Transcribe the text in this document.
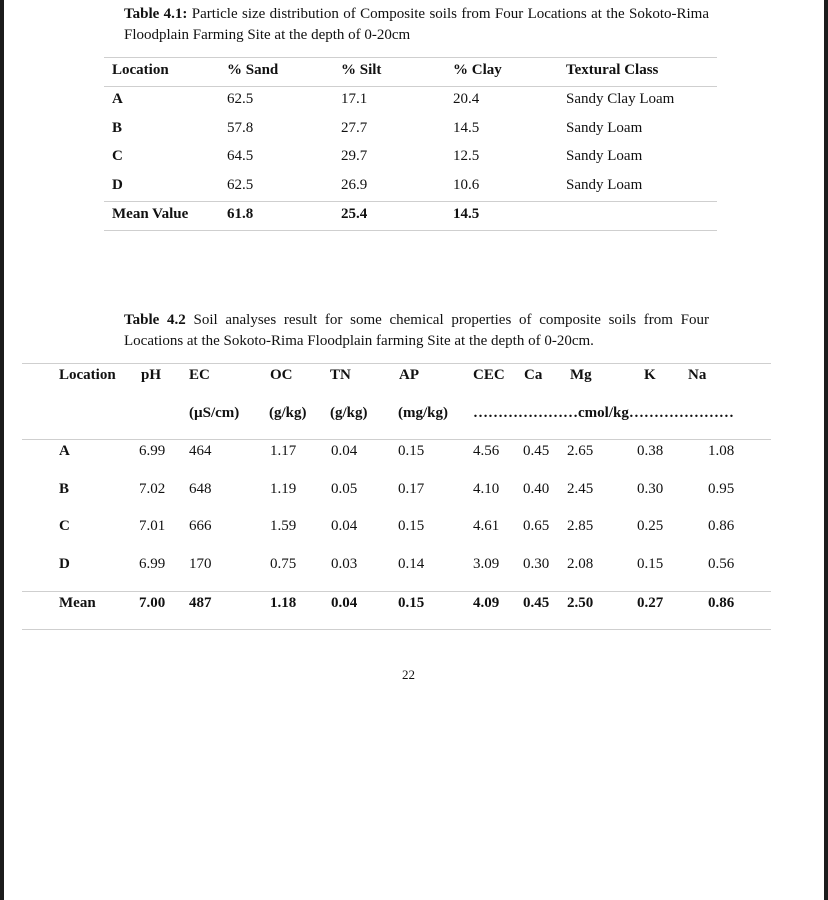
Table 4.1: Particle size distribution of Composite soils from Four Locations at the Sokoto-Rima Floodplain Farming Site at the depth of 0-20cm
Location	% Sand	% Silt	% Clay	Textural Class
A	62.5	17.1	20.4	Sandy Clay Loam
B	57.8	27.7	14.5	Sandy Loam
C	64.5	29.7	12.5	Sandy Loam
D	62.5	26.9	10.6	Sandy Loam
Mean Value	61.8	25.4	14.5
Table 4.2 Soil analyses result for some chemical properties of composite soils from Four Locations at the Sokoto-Rima Floodplain farming Site at the depth of 0-20cm.
Location pH EC	OC	TN	AP	CEC Ca Mg	K Na
(µS/cm) (g/kg) (g/kg) (mg/kg) …………………cmol/kg…………………
A	6.99 464	1.17 0.04	0.15	4.56 0.45 2.65	0.38	1.08
B	7.02 648	1.19 0.05	0.17	4.10 0.40 2.45	0.30	0.95
C	7.01 666	1.59 0.04	0.15	4.61 0.65 2.85	0.25	0.86
D	6.99 170	0.75 0.03	0.14	3.09 0.30 2.08	0.15	0.56
Mean	7.00 487	1.18 0.04	0.15	4.09 0.45 2.50	0.27	0.86
22
